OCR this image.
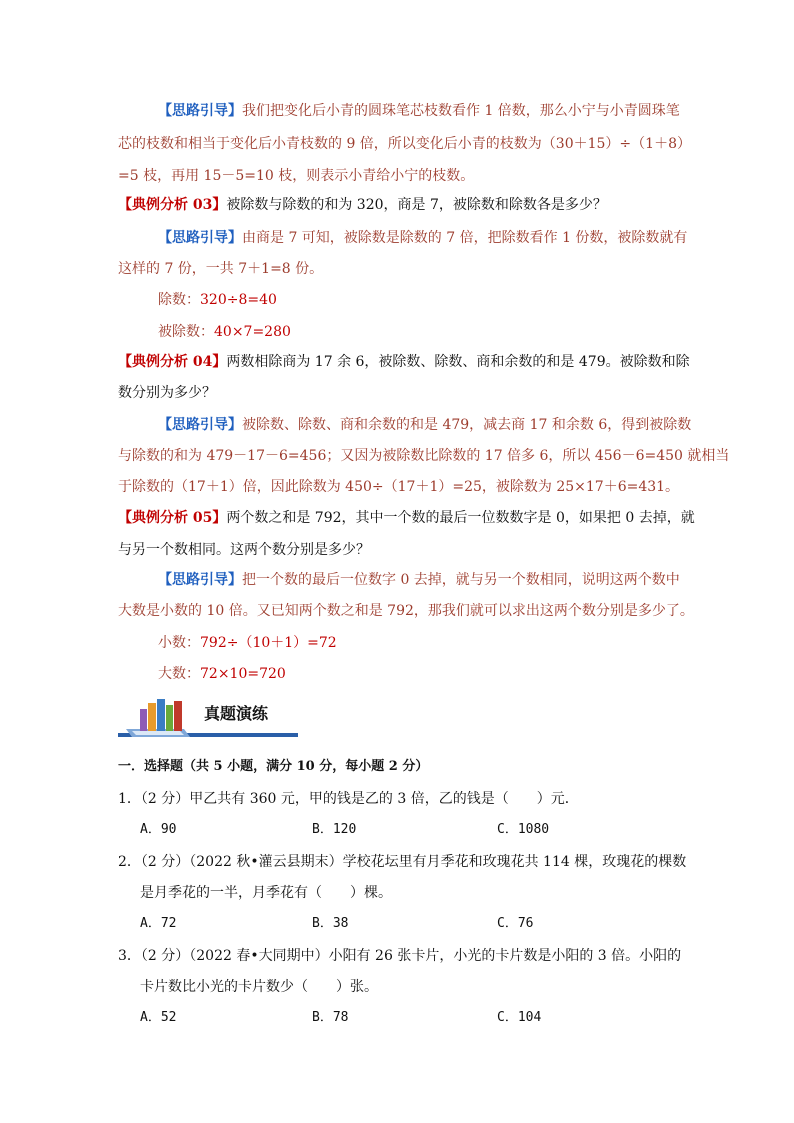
【思路引导】我们把变化后小青的圆珠笔芯枝数看作 1 倍数，那么小宁与小青圆珠笔
芯的枝数和相当于变化后小青枝数的 9 倍，所以变化后小青的枝数为（30＋15）÷（1＋8）
=5 枝，再用 15－5=10 枝，则表示小青给小宁的枝数。
【典例分析 03】被除数与除数的和为 320，商是 7，被除数和除数各是多少？
【思路引导】由商是 7 可知，被除数是除数的 7 倍，把除数看作 1 份数，被除数就有
这样的 7 份，一共 7＋1=8 份。
除数：320÷8=40
被除数：40×7=280
【典例分析 04】两数相除商为 17 余 6，被除数、除数、商和余数的和是 479。被除数和除
数分别为多少？
【思路引导】被除数、除数、商和余数的和是 479，减去商 17 和余数 6，得到被除数
与除数的和为 479－17－6=456；又因为被除数比除数的 17 倍多 6，所以 456－6=450 就相当
于除数的（17＋1）倍，因此除数为 450÷（17＋1）=25，被除数为 25×17＋6=431。
【典例分析 05】两个数之和是 792，其中一个数的最后一位数数字是 0，如果把 0 去掉，就
与另一个数相同。这两个数分别是多少？
【思路引导】把一个数的最后一位数字 0 去掉，就与另一个数相同，说明这两个数中
大数是小数的 10 倍。又已知两个数之和是 792，那我们就可以求出这两个数分别是多少了。
小数：792÷（10＋1）=72
大数：72×10=720
真题演练
一．选择题（共 5 小题，满分 10 分，每小题 2 分）
1．（2 分）甲乙共有 360 元，甲的钱是乙的 3 倍，乙的钱是（　　）元．
A．90	B．120	C．1080
2．（2 分）（2022 秋•灌云县期末）学校花坛里有月季花和玫瑰花共 114 棵，玫瑰花的棵数
是月季花的一半，月季花有（　　）棵。
A．72	B．38	C．76
3．（2 分）（2022 春•大同期中）小阳有 26 张卡片，小光的卡片数是小阳的 3 倍。小阳的
卡片数比小光的卡片数少（　　）张。
A．52	B．78	C．104
